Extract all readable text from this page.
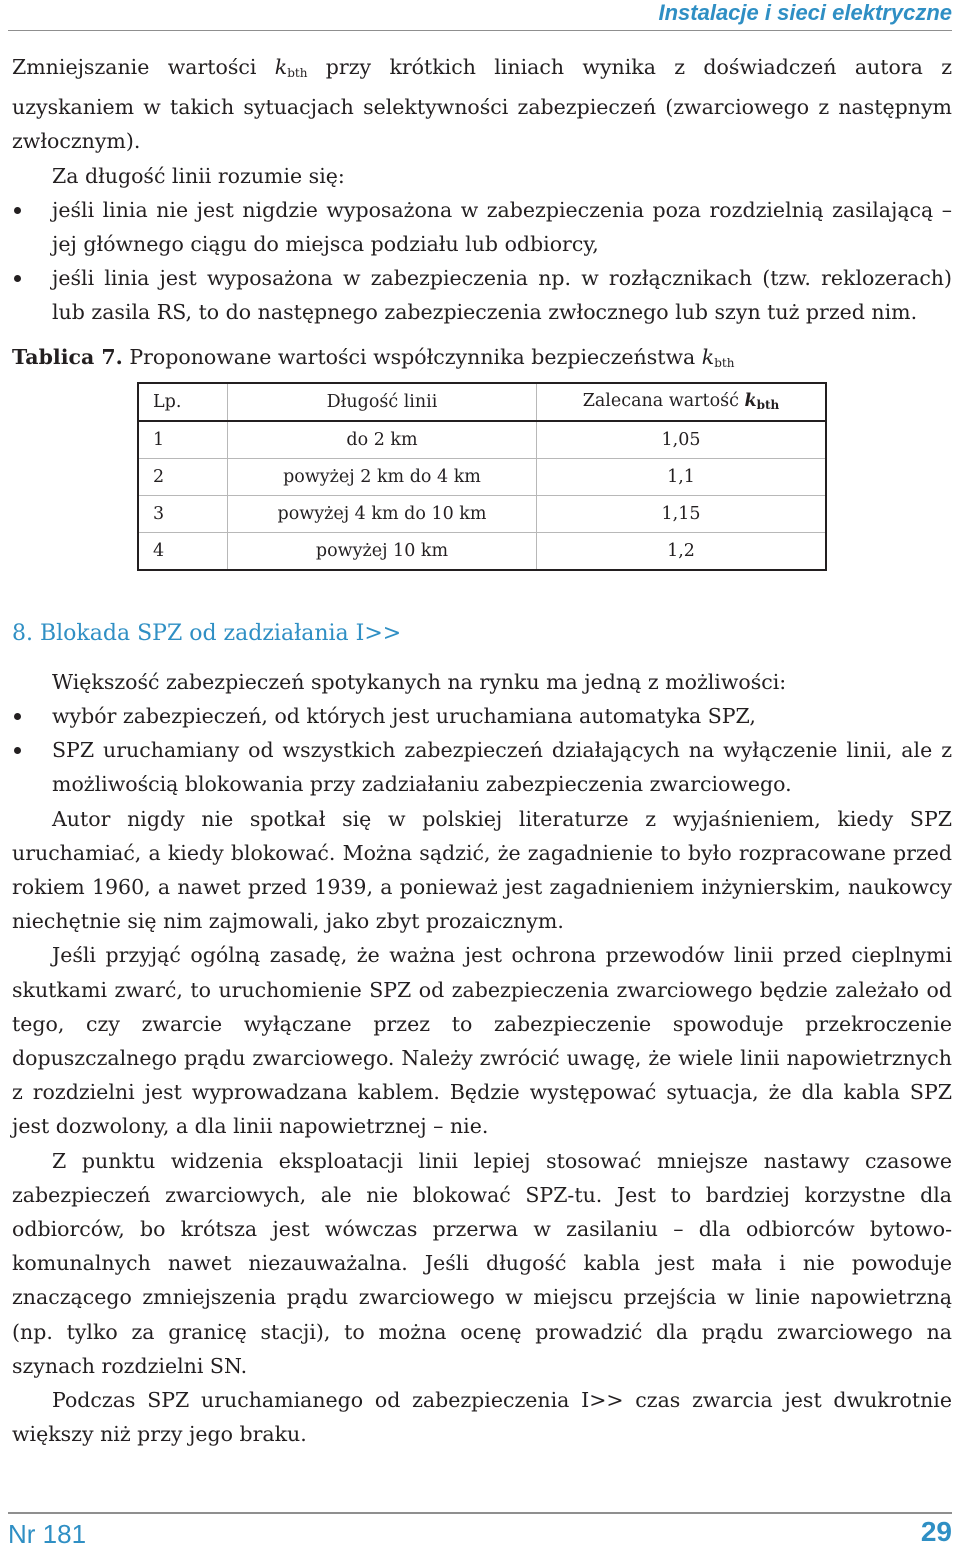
Instalacje i sieci elektryczne

Zmniejszanie wartości $k_{bth}$ przy krótkich liniach wynika z doświadczeń autora z uzyskaniem w takich sytuacjach selektywności zabezpieczeń (zwarciowego z następnym zwłocznym).

Za długość linii rozumie się:

jeśli linia nie jest nigdzie wyposażona w zabezpieczenia poza rozdzielnią zasilającą – jej głównego ciągu do miejsca podziału lub odbiorcy,
jeśli linia jest wyposażona w zabezpieczenia np. w rozłącznikach (tzw. reklozerach) lub zasila RS, to do następnego zabezpieczenia zwłocznego lub szyn tuż przed nim.

Tablica 7. Proponowane wartości współczynnika bezpieczeństwa $k_{bth}$

Lp.	Długość linii	Zalecana wartość $k_{bth}$
1	do 2 km	1,05
2	powyżej 2 km do 4 km	1,1
3	powyżej 4 km do 10 km	1,15
4	powyżej 10 km	1,2
8. Blokada SPZ od zadziałania I>>

Większość zabezpieczeń spotykanych na rynku ma jedną z możliwości:

wybór zabezpieczeń, od których jest uruchamiana automatyka SPZ,
SPZ uruchamiany od wszystkich zabezpieczeń działających na wyłączenie linii, ale z możliwością blokowania przy zadziałaniu zabezpieczenia zwarciowego.

Autor nigdy nie spotkał się w polskiej literaturze z wyjaśnieniem, kiedy SPZ uruchamiać, a kiedy blokować. Można sądzić, że zagadnienie to było rozpracowane przed rokiem 1960, a nawet przed 1939, a ponieważ jest zagadnieniem inżynierskim, naukowcy niechętnie się nim zajmowali, jako zbyt prozaicznym.

Jeśli przyjąć ogólną zasadę, że ważna jest ochrona przewodów linii przed cieplnymi skutkami zwarć, to uruchomienie SPZ od zabezpieczenia zwarciowego będzie zależało od tego, czy zwarcie wyłączane przez to zabezpieczenie spowoduje przekroczenie dopuszczalnego prądu zwarciowego. Należy zwrócić uwagę, że wiele linii napowietrznych z rozdzielni jest wyprowadzana kablem. Będzie występować sytuacja, że dla kabla SPZ jest dozwolony, a dla linii napowietrznej – nie.

Z punktu widzenia eksploatacji linii lepiej stosować mniejsze nastawy czasowe zabezpieczeń zwarciowych, ale nie blokować SPZ-tu. Jest to bardziej korzystne dla odbiorców, bo krótsza jest wówczas przerwa w zasilaniu – dla odbiorców bytowo-komunalnych nawet niezauważalna. Jeśli długość kabla jest mała i nie powoduje znaczącego zmniejszenia prądu zwarciowego w miejscu przejścia w linie napowietrzną (np. tylko za granicę stacji), to można ocenę prowadzić dla prądu zwarciowego na szynach rozdzielni SN.

Podczas SPZ uruchamianego od zabezpieczenia I>> czas zwarcia jest dwukrotnie większy niż przy jego braku.

Nr 181	29
